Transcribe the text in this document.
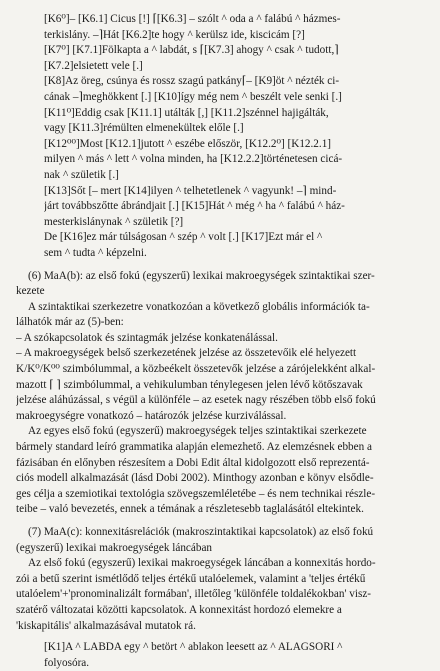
[K6⁰]– [K6.1] Cicus [!] ⌈[K6.3] – szólt ^ oda a ^ falábú ^ házmes-
terkislány. –⌉Hát [K6.2]te hogy ^ kerülsz ide, kiscicám [?]
[K7⁰] [K7.1]Fölkapta a ^ labdát, s ⌈[K7.3] ahogy ^ csak ^ tudott,⌉
[K7.2]elsietett vele [.]
[K8]Az öreg, csúnya és rossz szagú patkány⌈– [K9]öt ^ nézték ci-
cának –⌉meghökkent [.] [K10]így még nem ^ beszélt vele senki [.]
[K11⁰]Eddig csak [K11.1] utálták [,] [K11.2]szénnel hajigálták,
vagy [K11.3]rémülten elmenekültek előle [.]
[K12⁰⁰]Most [K12.1]jutott ^ eszébe először, [K12.2⁰] [K12.2.1]
milyen ^ más ^ lett ^ volna minden, ha [K12.2.2]történetesen cicá-
nak ^ születik [.]
[K13]Sőt [– mert [K14]ilyen ^ telhetetlenek ^ vagyunk! –⌉ mind-
járt továbbszőtte ábrándjait [.] [K15]Hát ^ még ^ ha ^ falábú ^ ház-
mesterkislánynak ^ születik [?]
De [K16]ez már túlságosan ^ szép ^ volt [.] [K17]Ezt már el ^
sem ^ tudta ^ képzelni.
(6) MaA(b): az első fokú (egyszerű) lexikai makroegységek szintaktikai szer-
kezete
A szintaktikai szerkezetre vonatkozóan a következő globális információk ta-
lálhatók már az (5)-ben:
– A szókapcsolatok és szintagmák jelzése konkatenálással.
– A makroegységek belső szerkezetének jelzése az összetevőik elé helyezett
K/K⁰/K⁰⁰ szimbólummal, a közbeékelt összetevők jelzése a zárójelekként alkal-
mazott ⌈ ⌉ szimbólummal, a vehikulumban ténylegesen jelen lévő kötőszavak
jelzése aláhúzással, s végül a különféle – az esetek nagy részében több első fokú
makroegységre vonatkozó – határozók jelzése kurziválással.
Az egyes első fokú (egyszerű) makroegységek teljes szintaktikai szerkezete
bármely standard leíró grammatika alapján elemezhető. Az elemzésnek ebben a
fázisában én előnyben részesítem a Dobi Edit által kidolgozott első reprezentá-
ciós modell alkalmazását (lásd Dobi 2002). Minthogy azonban e könyv elsődle-
ges célja a szemiotikai textológia szövegszemléletébe – és nem technikai részle-
teibe – való bevezetés, ennek a témának a részletesebb taglalásától eltekintek.
(7) MaA(c): konnexitásrelációk (makroszintaktikai kapcsolatok) az első fokú
(egyszerű) lexikai makroegységek láncában
Az első fokú (egyszerű) lexikai makroegységek láncában a konnexitás hordo-
zói a betű szerint ismétlődő teljes értékű utalóelemek, valamint a 'teljes értékű
utalóelem'+'pronominalizált formában', illetőleg 'különféle toldalékokban' visz-
szatérő változatai közötti kapcsolatok. A konnexitást hordozó elemekre a
'kiskapitális' alkalmazásával mutatok rá.
[K1]A ^ LABDA egy ^ betört ^ ablakon leesett az ^ ALAGSORI ^
folyosóra.
